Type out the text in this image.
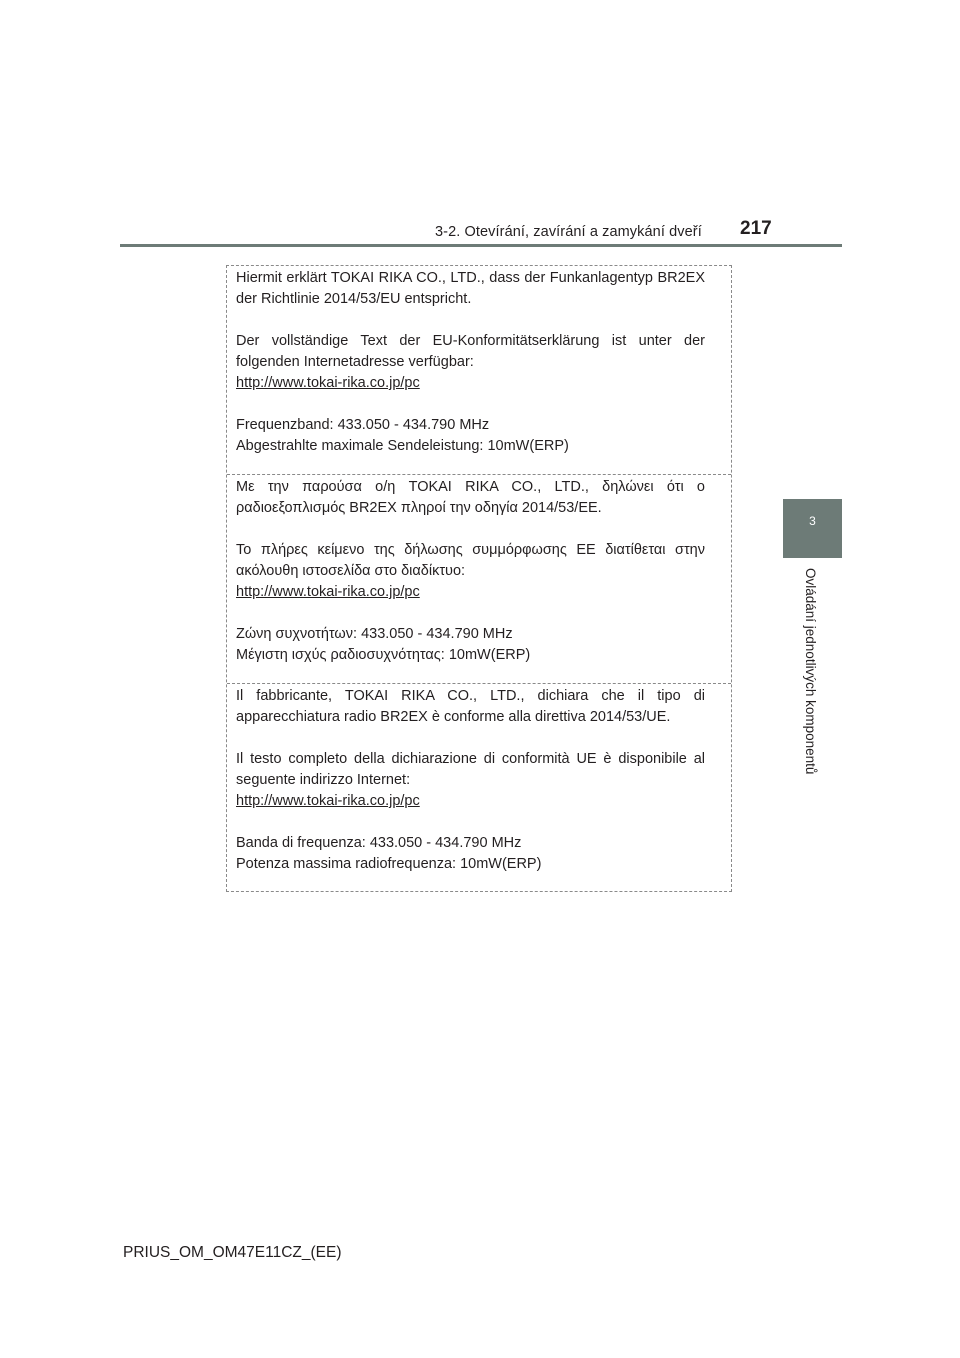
3-2. Otevírání, zavírání a zamykání dveří 217
3
Ovládání jednotlivých komponentů

Hiermit erklärt TOKAI RIKA CO., LTD., dass der Funkanlagentyp BR2EX der Richtlinie 2014/53/EU entspricht.

Der vollständige Text der EU-Konformitätserklärung ist unter der folgenden Internetadresse verfügbar:

http://www.tokai-rika.co.jp/pc

Frequenzband: 433.050 - 434.790 MHz

Abgestrahlte maximale Sendeleistung: 10mW(ERP)

Με την παρούσα ο/η TOKAI RIKA CO., LTD., δηλώνει ότι ο ραδιοεξοπλισμός BR2EX πληροί την οδηγία 2014/53/ΕΕ.

Το πλήρες κείμενο της δήλωσης συμμόρφωσης ΕΕ διατίθεται στην ακόλουθη ιστοσελίδα στο διαδίκτυο:

http://www.tokai-rika.co.jp/pc

Ζώνη συχνοτήτων: 433.050 - 434.790 MHz

Μέγιστη ισχύς ραδιοσυχνότητας: 10mW(ERP)

Il fabbricante, TOKAI RIKA CO., LTD., dichiara che il tipo di apparecchiatura radio BR2EX è conforme alla direttiva 2014/53/UE.

Il testo completo della dichiarazione di conformità UE è disponibile al seguente indirizzo Internet:

http://www.tokai-rika.co.jp/pc

Banda di frequenza: 433.050 - 434.790 MHz

Potenza massima radiofrequenza: 10mW(ERP)

PRIUS_OM_OM47E11CZ_(EE)
